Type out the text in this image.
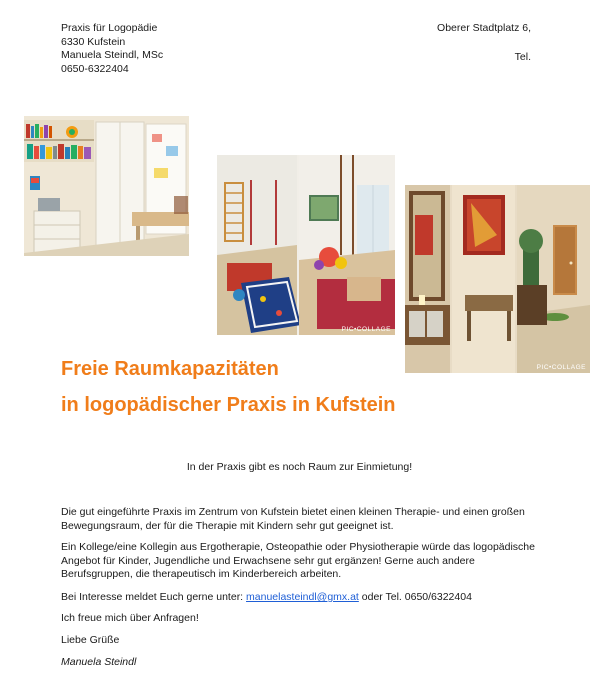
Praxis für Logopädie
6330 Kufstein
Manuela Steindl, MSc
0650-6322404
Oberer Stadtplatz 6,
Tel.
PIC•COLLAGE
PIC•COLLAGE
PIC•COLLAGE
Freie Raumkapazitäten
in logopädischer Praxis in Kufstein
In der Praxis gibt es noch Raum zur Einmietung!

Die gut eingeführte Praxis im Zentrum von Kufstein bietet einen kleinen Therapie- und einen großen Bewegungsraum, der für die Therapie mit Kindern sehr gut geeignet ist.

Ein Kollege/eine Kollegin aus Ergotherapie, Osteopathie oder Physiotherapie würde das logopädische Angebot für Kinder, Jugendliche und Erwachsene sehr gut ergänzen! Gerne auch andere Berufsgruppen, die therapeutisch im Kinderbereich arbeiten.

Bei Interesse meldet Euch gerne unter: manuelasteindl@gmx.at oder Tel. 0650/6322404

Ich freue mich über Anfragen!

Liebe Grüße

Manuela Steindl
